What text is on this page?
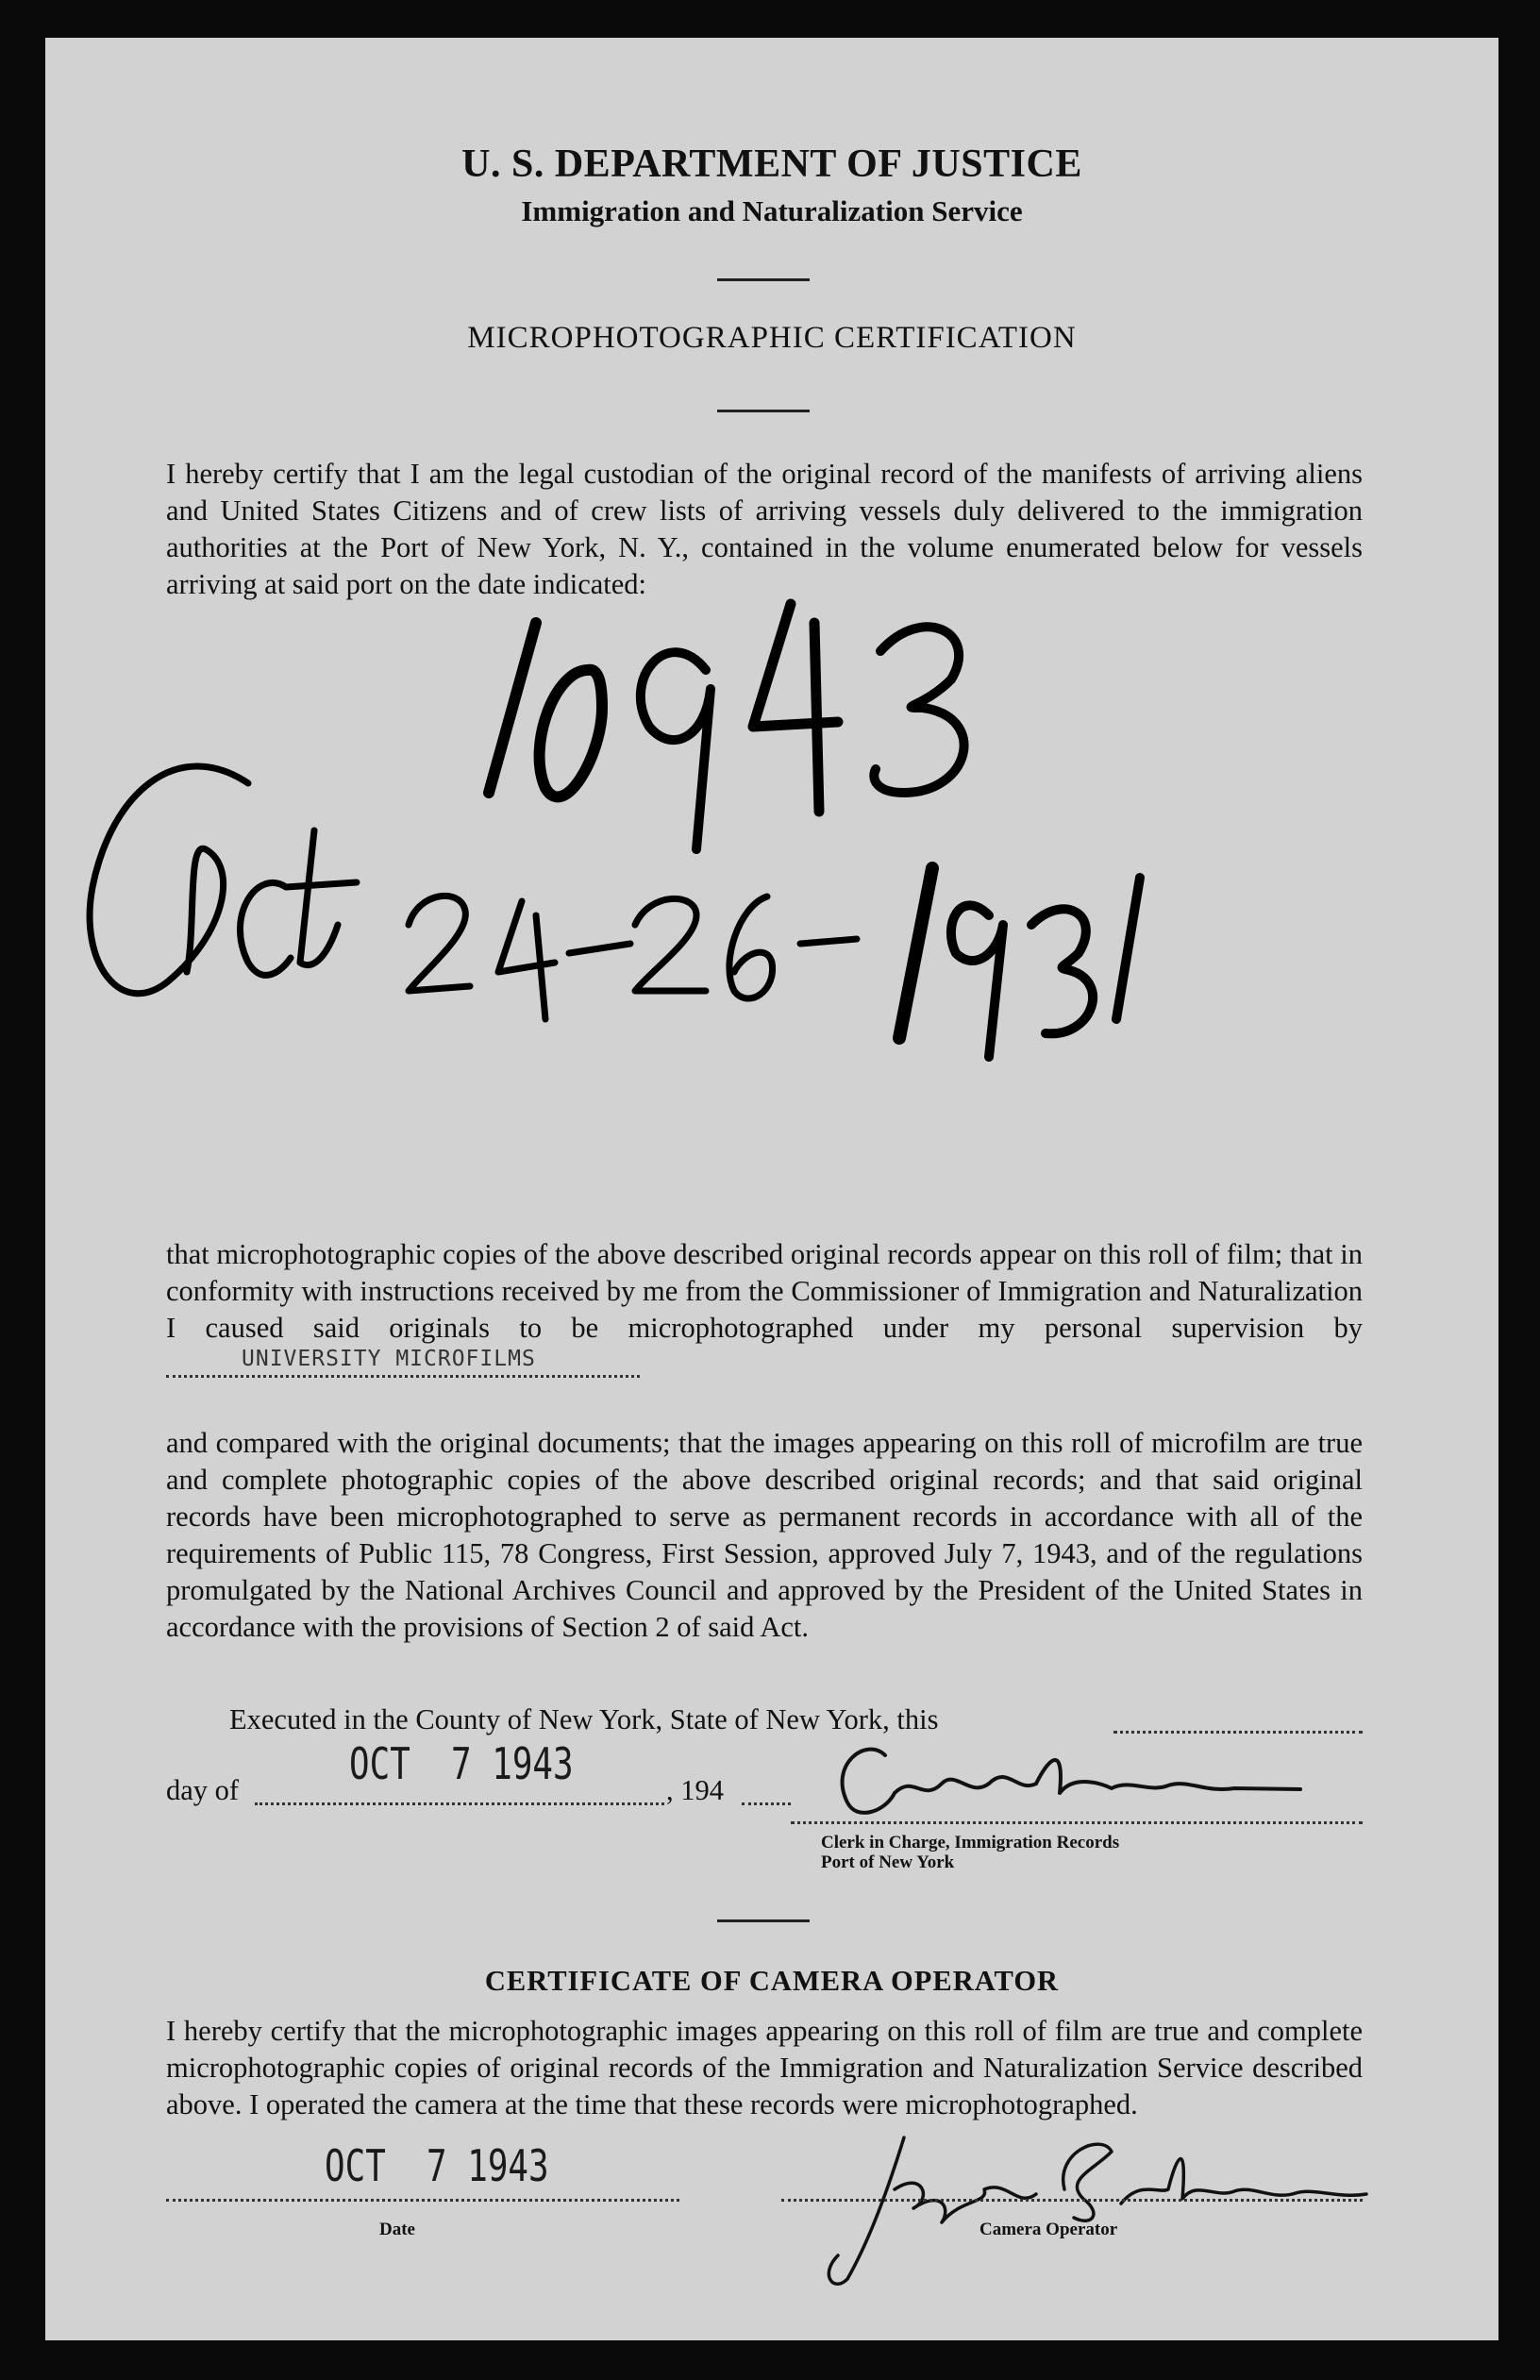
U. S. DEPARTMENT OF JUSTICE
Immigration and Naturalization Service
MICROPHOTOGRAPHIC CERTIFICATION
I hereby certify that I am the legal custodian of the original record of the manifests of arriving aliens and United States Citizens and of crew lists of arriving vessels duly delivered to the immigration authorities at the Port of New York, N. Y., contained in the volume enumerated below for vessels arriving at said port on the date indicated:
that microphotographic copies of the above described original records appear on this roll of film; that in conformity with instructions received by me from the Commissioner of Immigration and Naturalization I caused said originals to be microphotographed under my personal supervision by
UNIVERSITY MICROFILMS
and compared with the original documents; that the images appearing on this roll of microfilm are true and complete photographic copies of the above described original records; and that said original records have been microphotographed to serve as permanent records in accordance with all of the requirements of Public 115, 78 Congress, First Session, approved July 7, 1943, and of the regulations promulgated by the National Archives Council and approved by the President of the United States in accordance with the provisions of Section 2 of said Act.
Executed in the County of New York, State of New York, this
day of
OCT  7 1943
, 194
Clerk in Charge, Immigration Records
Port of New York
CERTIFICATE OF CAMERA OPERATOR
I hereby certify that the microphotographic images appearing on this roll of film are true and complete microphotographic copies of original records of the Immigration and Naturalization Service described above. I operated the camera at the time that these records were microphotographed.
OCT  7 1943
Date	Camera Operator
